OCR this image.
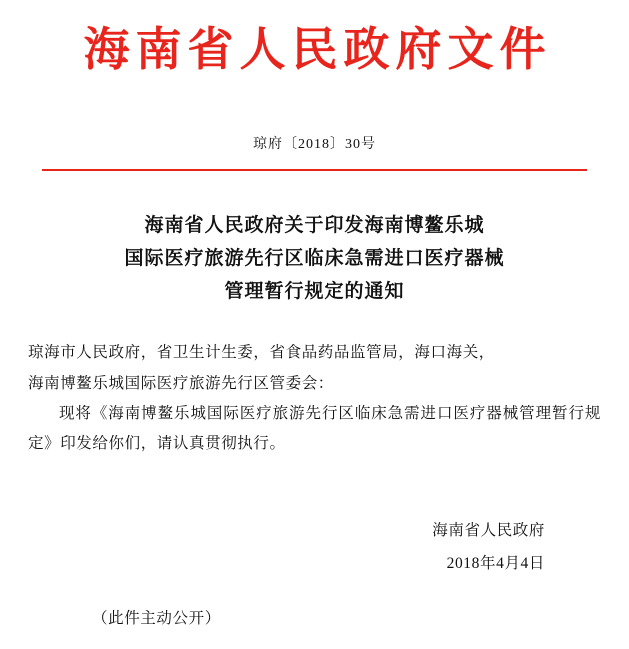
海南省人民政府文件
琼府〔2018〕30号
海南省人民政府关于印发海南博鳌乐城
国际医疗旅游先行区临床急需进口医疗器械
管理暂行规定的通知
琼海市人民政府，省卫生计生委，省食品药品监管局，海口海关，
海南博鳌乐城国际医疗旅游先行区管委会：
现将《海南博鳌乐城国际医疗旅游先行区临床急需进口医疗器械管理暂行规定》印发给你们，请认真贯彻执行。
海南省人民政府
2018年4月4日
（此件主动公开）
